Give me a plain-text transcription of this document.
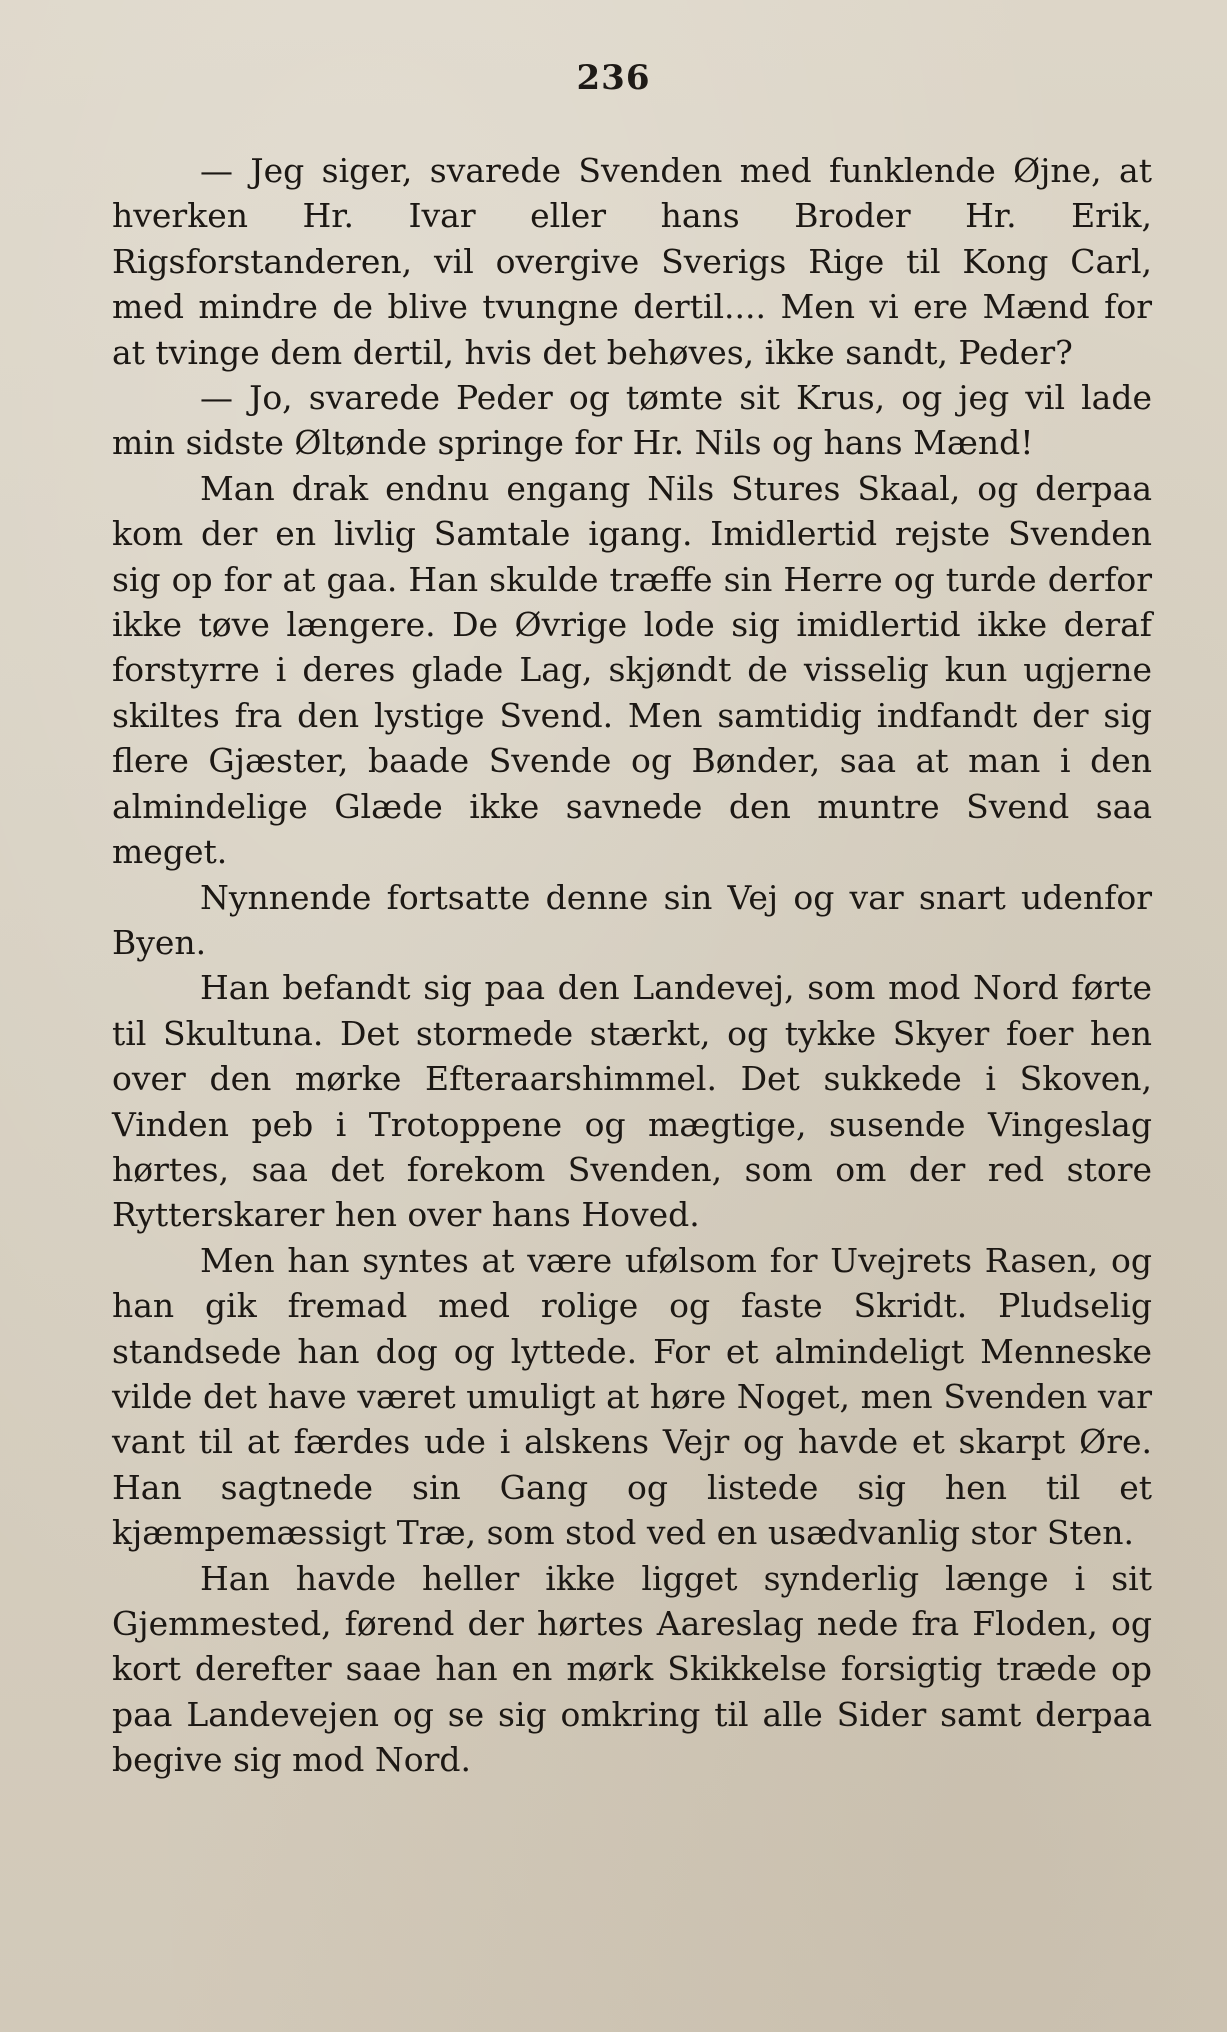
236

— Jeg siger, svarede Svenden med funklende Øjne, at hverken Hr. Ivar eller hans Broder Hr. Erik, Rigsforstanderen, vil overgive Sverigs Rige til Kong Carl, med mindre de blive tvungne dertil.... Men vi ere Mænd for at tvinge dem dertil, hvis det behøves, ikke sandt, Peder?

— Jo, svarede Peder og tømte sit Krus, og jeg vil lade min sidste Øltønde springe for Hr. Nils og hans Mænd!

Man drak endnu engang Nils Stures Skaal, og derpaa kom der en livlig Samtale igang. Imidlertid rejste Svenden sig op for at gaa. Han skulde træffe sin Herre og turde derfor ikke tøve længere. De Øvrige lode sig imidlertid ikke deraf forstyrre i deres glade Lag, skjøndt de visselig kun ugjerne skiltes fra den lystige Svend. Men samtidig indfandt der sig flere Gjæster, baade Svende og Bønder, saa at man i den almindelige Glæde ikke savnede den muntre Svend saa meget.

Nynnende fortsatte denne sin Vej og var snart udenfor Byen.

Han befandt sig paa den Landevej, som mod Nord førte til Skultuna. Det stormede stærkt, og tykke Skyer foer hen over den mørke Efteraarshimmel. Det sukkede i Skoven, Vinden peb i Trotoppene og mægtige, susende Vingeslag hørtes, saa det forekom Svenden, som om der red store Rytterskarer hen over hans Hoved.

Men han syntes at være ufølsom for Uvejrets Rasen, og han gik fremad med rolige og faste Skridt. Pludselig standsede han dog og lyttede. For et almindeligt Menneske vilde det have været umuligt at høre Noget, men Svenden var vant til at færdes ude i alskens Vejr og havde et skarpt Øre. Han sagtnede sin Gang og listede sig hen til et kjæmpemæssigt Træ, som stod ved en usædvanlig stor Sten.

Han havde heller ikke ligget synderlig længe i sit Gjemmested, førend der hørtes Aareslag nede fra Floden, og kort derefter saae han en mørk Skikkelse forsigtig træde op paa Landevejen og se sig omkring til alle Sider samt derpaa begive sig mod Nord.
